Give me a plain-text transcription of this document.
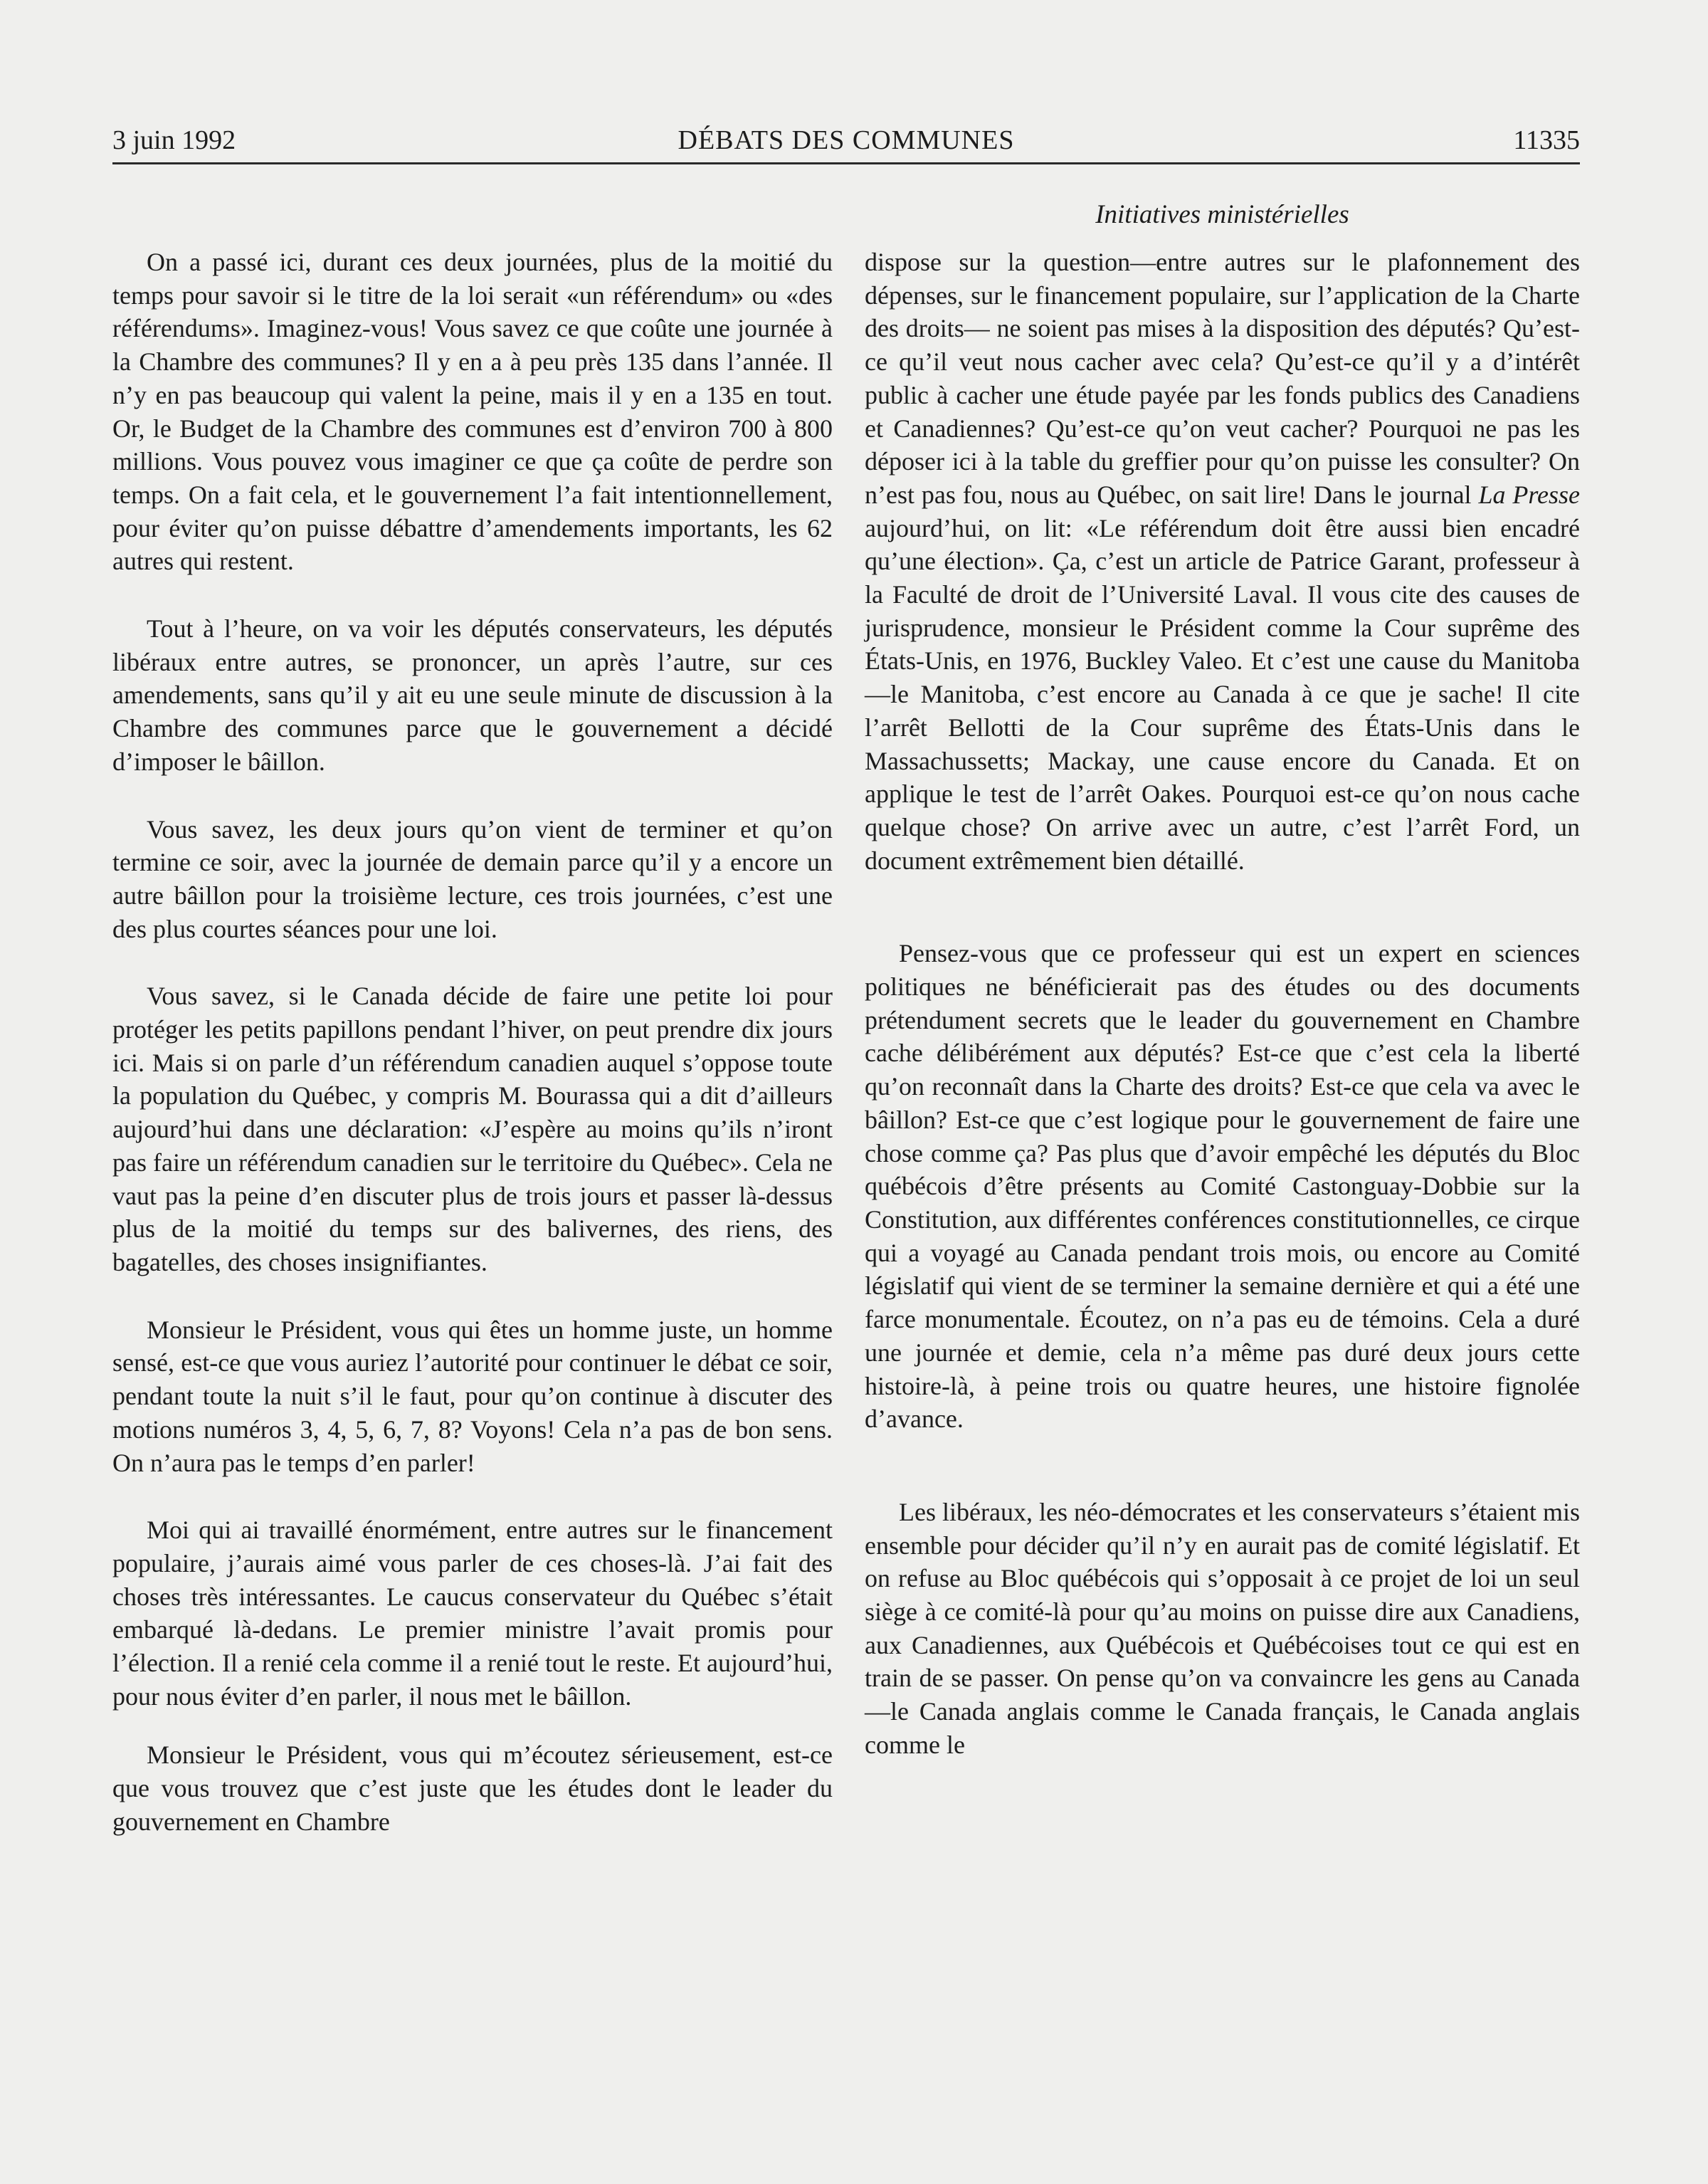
3 juin 1992	DÉBATS DES COMMUNES	11335
Initiatives ministérielles

On a passé ici, durant ces deux journées, plus de la moitié du temps pour savoir si le titre de la loi serait «un référendum» ou «des référendums». Imaginez-vous! Vous savez ce que coûte une journée à la Chambre des communes? Il y en a à peu près 135 dans l’année. Il n’y en pas beaucoup qui valent la peine, mais il y en a 135 en tout. Or, le Budget de la Chambre des communes est d’environ 700 à 800 millions. Vous pouvez vous imaginer ce que ça coûte de perdre son temps. On a fait cela, et le gouvernement l’a fait intentionnellement, pour éviter qu’on puisse débattre d’amendements importants, les 62 autres qui restent.

Tout à l’heure, on va voir les députés conservateurs, les députés libéraux entre autres, se prononcer, un après l’autre, sur ces amendements, sans qu’il y ait eu une seule minute de discussion à la Chambre des communes parce que le gouvernement a décidé d’imposer le bâillon.

Vous savez, les deux jours qu’on vient de terminer et qu’on termine ce soir, avec la journée de demain parce qu’il y a encore un autre bâillon pour la troisième lecture, ces trois journées, c’est une des plus courtes séances pour une loi.

Vous savez, si le Canada décide de faire une petite loi pour protéger les petits papillons pendant l’hiver, on peut prendre dix jours ici. Mais si on parle d’un référendum canadien auquel s’oppose toute la population du Québec, y compris M. Bourassa qui a dit d’ailleurs aujourd’hui dans une déclaration: «J’espère au moins qu’ils n’iront pas faire un référendum canadien sur le territoire du Québec». Cela ne vaut pas la peine d’en discuter plus de trois jours et passer là-dessus plus de la moitié du temps sur des balivernes, des riens, des bagatelles, des choses insignifiantes.

Monsieur le Président, vous qui êtes un homme juste, un homme sensé, est-ce que vous auriez l’autorité pour continuer le débat ce soir, pendant toute la nuit s’il le faut, pour qu’on continue à discuter des motions numéros 3, 4, 5, 6, 7, 8? Voyons! Cela n’a pas de bon sens. On n’aura pas le temps d’en parler!

Moi qui ai travaillé énormément, entre autres sur le financement populaire, j’aurais aimé vous parler de ces choses-là. J’ai fait des choses très intéressantes. Le caucus conservateur du Québec s’était embarqué là-dedans. Le premier ministre l’avait promis pour l’élection. Il a renié cela comme il a renié tout le reste. Et aujourd’hui, pour nous éviter d’en parler, il nous met le bâillon.

Monsieur le Président, vous qui m’écoutez sérieusement, est-ce que vous trouvez que c’est juste que les études dont le leader du gouvernement en Chambre

dispose sur la question—entre autres sur le plafonnement des dépenses, sur le financement populaire, sur l’application de la Charte des droits— ne soient pas mises à la disposition des députés? Qu’est-ce qu’il veut nous cacher avec cela? Qu’est-ce qu’il y a d’intérêt public à cacher une étude payée par les fonds publics des Canadiens et Canadiennes? Qu’est-ce qu’on veut cacher? Pourquoi ne pas les déposer ici à la table du greffier pour qu’on puisse les consulter? On n’est pas fou, nous au Québec, on sait lire! Dans le journal La Presse aujourd’hui, on lit: «Le référendum doit être aussi bien encadré qu’une élection». Ça, c’est un article de Patrice Garant, professeur à la Faculté de droit de l’Université Laval. Il vous cite des causes de jurisprudence, monsieur le Président comme la Cour suprême des États-Unis, en 1976, Buckley Valeo. Et c’est une cause du Manitoba—le Manitoba, c’est encore au Canada à ce que je sache! Il cite l’arrêt Bellotti de la Cour suprême des États-Unis dans le Massachussetts; Mackay, une cause encore du Canada. Et on applique le test de l’arrêt Oakes. Pourquoi est-ce qu’on nous cache quelque chose? On arrive avec un autre, c’est l’arrêt Ford, un document extrêmement bien détaillé.

Pensez-vous que ce professeur qui est un expert en sciences politiques ne bénéficierait pas des études ou des documents prétendument secrets que le leader du gouvernement en Chambre cache délibérément aux députés? Est-ce que c’est cela la liberté qu’on reconnaît dans la Charte des droits? Est-ce que cela va avec le bâillon? Est-ce que c’est logique pour le gouvernement de faire une chose comme ça? Pas plus que d’avoir empêché les députés du Bloc québécois d’être présents au Comité Castonguay-Dobbie sur la Constitution, aux différentes conférences constitutionnelles, ce cirque qui a voyagé au Canada pendant trois mois, ou encore au Comité législatif qui vient de se terminer la semaine dernière et qui a été une farce monumentale. Écoutez, on n’a pas eu de témoins. Cela a duré une journée et demie, cela n’a même pas duré deux jours cette histoire-là, à peine trois ou quatre heures, une histoire fignolée d’avance.

Les libéraux, les néo-démocrates et les conservateurs s’étaient mis ensemble pour décider qu’il n’y en aurait pas de comité législatif. Et on refuse au Bloc québécois qui s’opposait à ce projet de loi un seul siège à ce comité-là pour qu’au moins on puisse dire aux Canadiens, aux Canadiennes, aux Québécois et Québécoises tout ce qui est en train de se passer. On pense qu’on va convaincre les gens au Canada—le Canada anglais comme le Canada français, le Canada anglais comme le
